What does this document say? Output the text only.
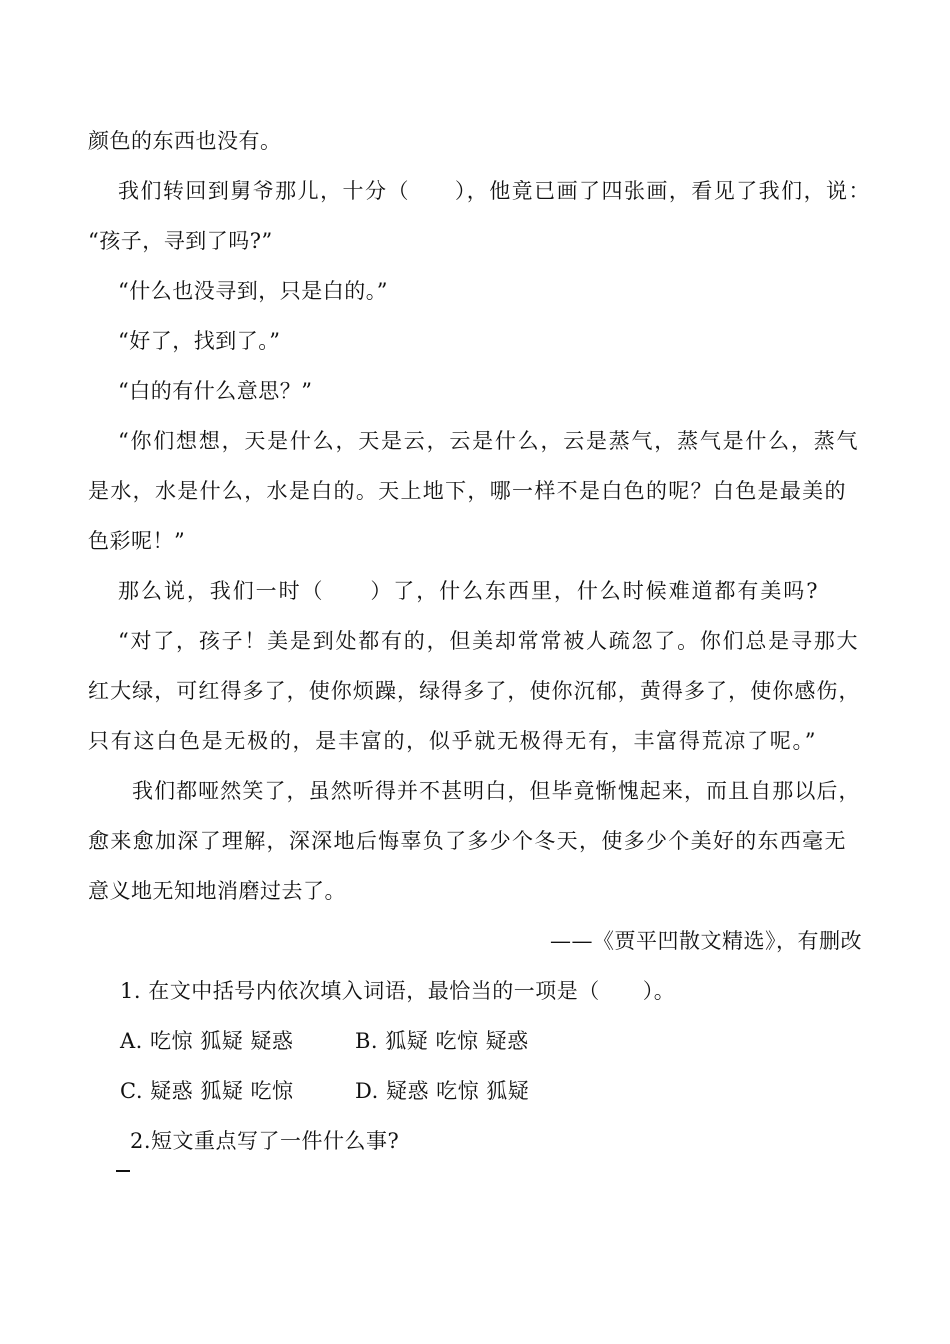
颜色的东西也没有。
我们转回到舅爷那儿，十分（　　），他竟已画了四张画，看见了我们，说：
“孩子，寻到了吗?”
“什么也没寻到，只是白的。”
“好了，找到了。”
“白的有什么意思？”
“你们想想，天是什么，天是云，云是什么，云是蒸气，蒸气是什么，蒸气
是水，水是什么，水是白的。天上地下，哪一样不是白色的呢？白色是最美的
色彩呢！”
那么说，我们一时（　　）了，什么东西里，什么时候难道都有美吗?
“对了，孩子！美是到处都有的，但美却常常被人疏忽了。你们总是寻那大
红大绿，可红得多了，使你烦躁，绿得多了，使你沉郁，黄得多了，使你感伤，
只有这白色是无极的，是丰富的，似乎就无极得无有，丰富得荒凉了呢。”
我们都哑然笑了，虽然听得并不甚明白，但毕竟惭愧起来，而且自那以后，
愈来愈加深了理解，深深地后悔辜负了多少个冬天，使多少个美好的东西毫无
意义地无知地消磨过去了。
——《贾平凹散文精选》，有删改
1. 在文中括号内依次填入词语，最恰当的一项是（　　）。
A. 吃惊 狐疑 疑惑	B. 狐疑 吃惊 疑惑
C. 疑惑 狐疑 吃惊	D. 疑惑 吃惊 狐疑
2.短文重点写了一件什么事?
